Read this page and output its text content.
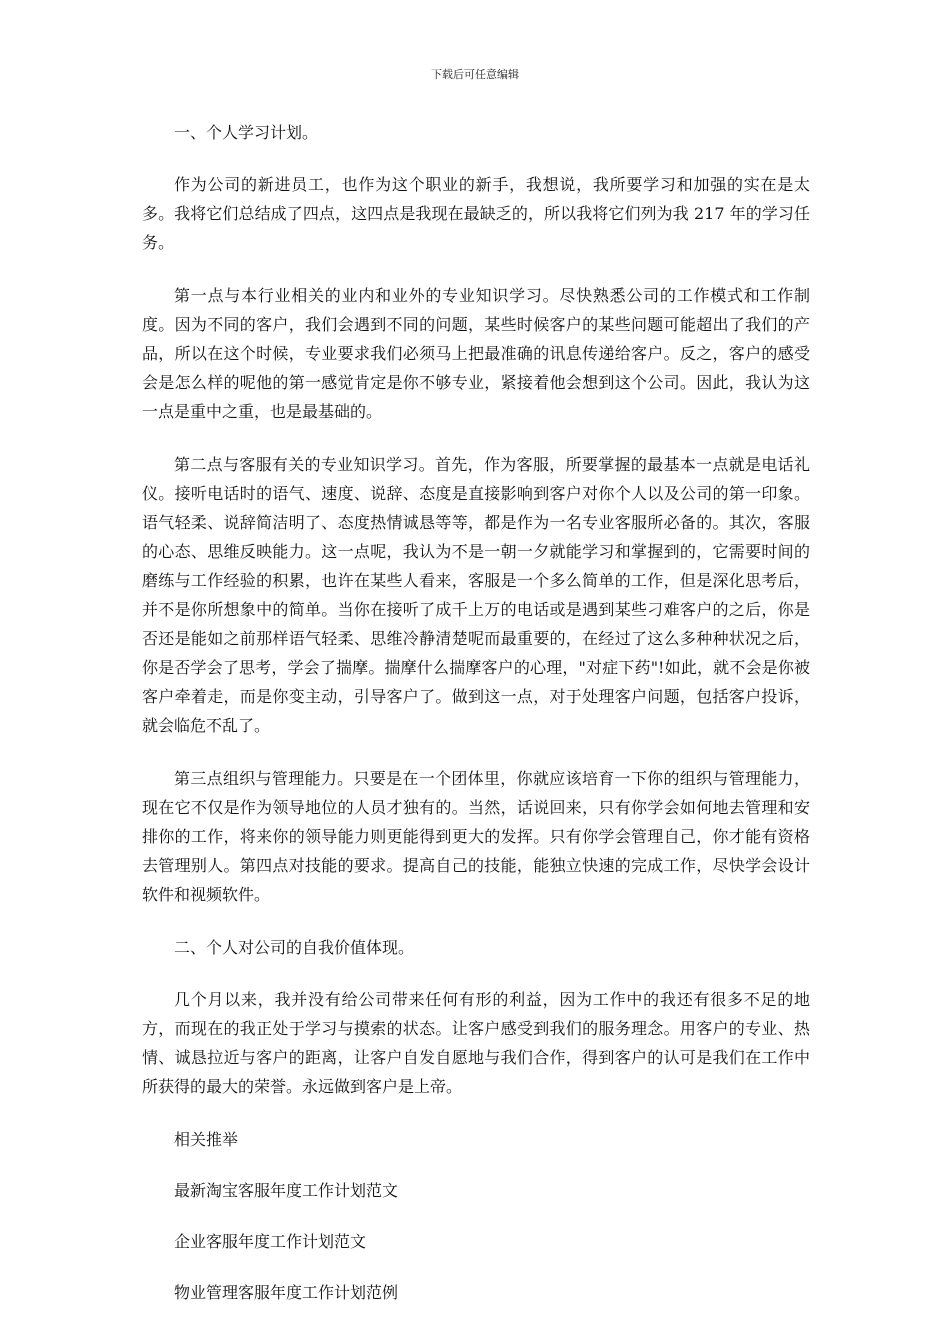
下载后可任意编辑

一、个人学习计划。

作为公司的新进员工，也作为这个职业的新手，我想说，我所要学习和加强的实在是太多。我将它们总结成了四点，这四点是我现在最缺乏的，所以我将它们列为我 217 年的学习任务。

第一点与本行业相关的业内和业外的专业知识学习。尽快熟悉公司的工作模式和工作制度。因为不同的客户，我们会遇到不同的问题，某些时候客户的某些问题可能超出了我们的产品，所以在这个时候，专业要求我们必须马上把最准确的讯息传递给客户。反之，客户的感受会是怎么样的呢他的第一感觉肯定是你不够专业，紧接着他会想到这个公司。因此，我认为这一点是重中之重，也是最基础的。

第二点与客服有关的专业知识学习。首先，作为客服，所要掌握的最基本一点就是电话礼仪。接听电话时的语气、速度、说辞、态度是直接影响到客户对你个人以及公司的第一印象。语气轻柔、说辞简洁明了、态度热情诚恳等等，都是作为一名专业客服所必备的。其次，客服的心态、思维反映能力。这一点呢，我认为不是一朝一夕就能学习和掌握到的，它需要时间的磨练与工作经验的积累，也许在某些人看来，客服是一个多么简单的工作，但是深化思考后，并不是你所想象中的简单。当你在接听了成千上万的电话或是遇到某些刁难客户的之后，你是否还是能如之前那样语气轻柔、思维冷静清楚呢而最重要的，在经过了这么多种种状况之后，你是否学会了思考，学会了揣摩。揣摩什么揣摩客户的心理，"对症下药"!如此，就不会是你被客户牵着走，而是你变主动，引导客户了。做到这一点，对于处理客户问题，包括客户投诉，就会临危不乱了。

第三点组织与管理能力。只要是在一个团体里，你就应该培育一下你的组织与管理能力，现在它不仅是作为领导地位的人员才独有的。当然，话说回来，只有你学会如何地去管理和安排你的工作，将来你的领导能力则更能得到更大的发挥。只有你学会管理自己，你才能有资格去管理别人。第四点对技能的要求。提高自己的技能，能独立快速的完成工作，尽快学会设计软件和视频软件。

二、个人对公司的自我价值体现。

几个月以来，我并没有给公司带来任何有形的利益，因为工作中的我还有很多不足的地方，而现在的我正处于学习与摸索的状态。让客户感受到我们的服务理念。用客户的专业、热情、诚恳拉近与客户的距离，让客户自发自愿地与我们合作，得到客户的认可是我们在工作中所获得的最大的荣誉。永远做到客户是上帝。

相关推举

最新淘宝客服年度工作计划范文

企业客服年度工作计划范文

物业管理客服年度工作计划范例
